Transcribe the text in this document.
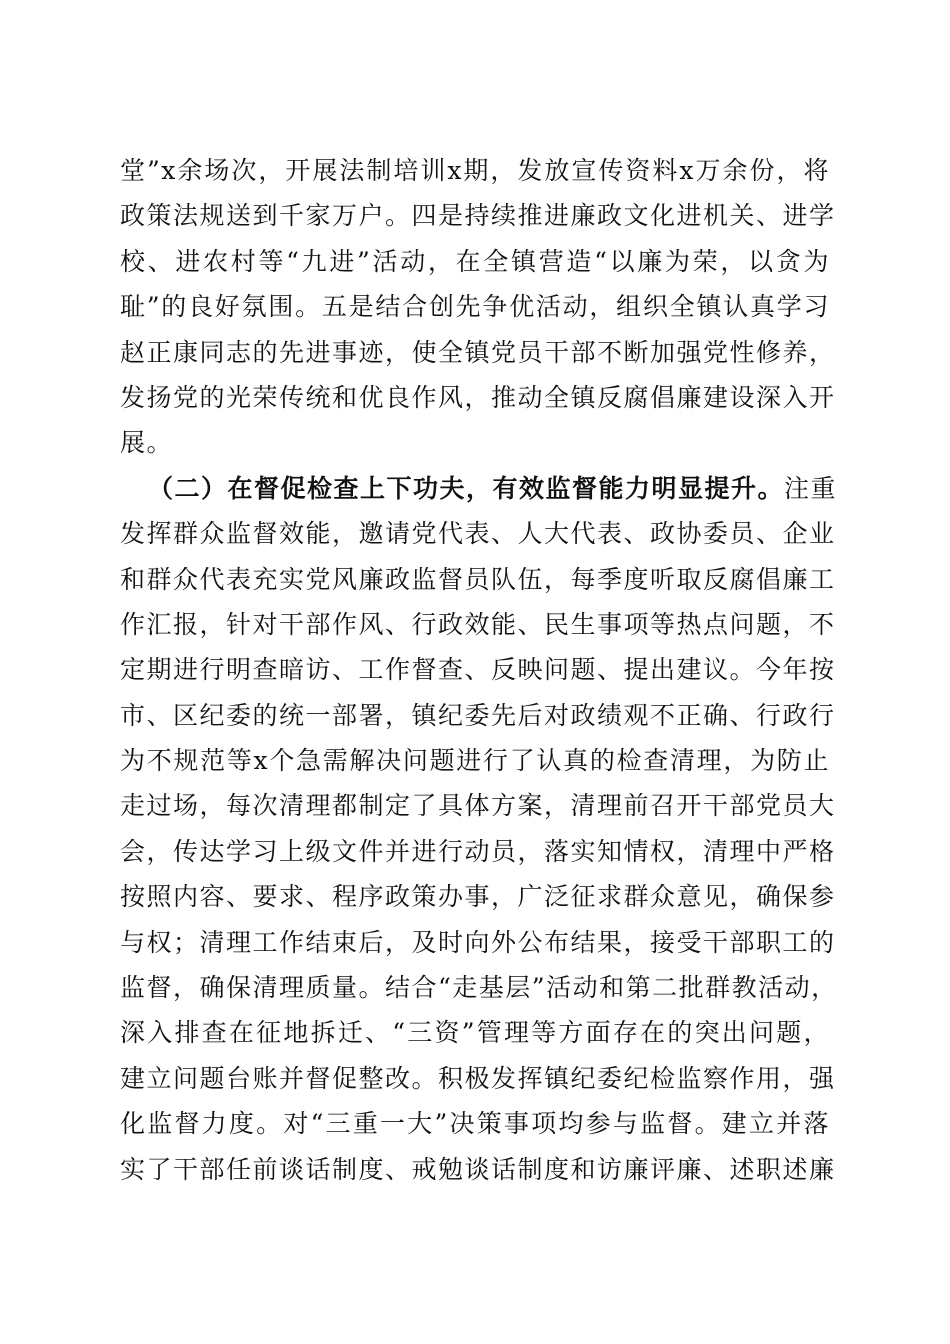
堂”x余场次，开展法制培训x期，发放宣传资料x万余份，将
政策法规送到千家万户。四是持续推进廉政文化进机关、进学
校、进农村等“九进”活动，在全镇营造“以廉为荣，以贪为
耻”的良好氛围。五是结合创先争优活动，组织全镇认真学习
赵正康同志的先进事迹，使全镇党员干部不断加强党性修养，
发扬党的光荣传统和优良作风，推动全镇反腐倡廉建设深入开
展。
（二）在督促检查上下功夫，有效监督能力明显提升。注重
发挥群众监督效能，邀请党代表、人大代表、政协委员、企业
和群众代表充实党风廉政监督员队伍，每季度听取反腐倡廉工
作汇报，针对干部作风、行政效能、民生事项等热点问题，不
定期进行明查暗访、工作督查、反映问题、提出建议。今年按
市、区纪委的统一部署，镇纪委先后对政绩观不正确、行政行
为不规范等x个急需解决问题进行了认真的检查清理，为防止
走过场，每次清理都制定了具体方案，清理前召开干部党员大
会，传达学习上级文件并进行动员，落实知情权，清理中严格
按照内容、要求、程序政策办事，广泛征求群众意见，确保参
与权；清理工作结束后，及时向外公布结果，接受干部职工的
监督，确保清理质量。结合“走基层”活动和第二批群教活动，
深入排查在征地拆迁、“三资”管理等方面存在的突出问题，
建立问题台账并督促整改。积极发挥镇纪委纪检监察作用，强
化监督力度。对“三重一大”决策事项均参与监督。建立并落
实了干部任前谈话制度、戒勉谈话制度和访廉评廉、述职述廉
